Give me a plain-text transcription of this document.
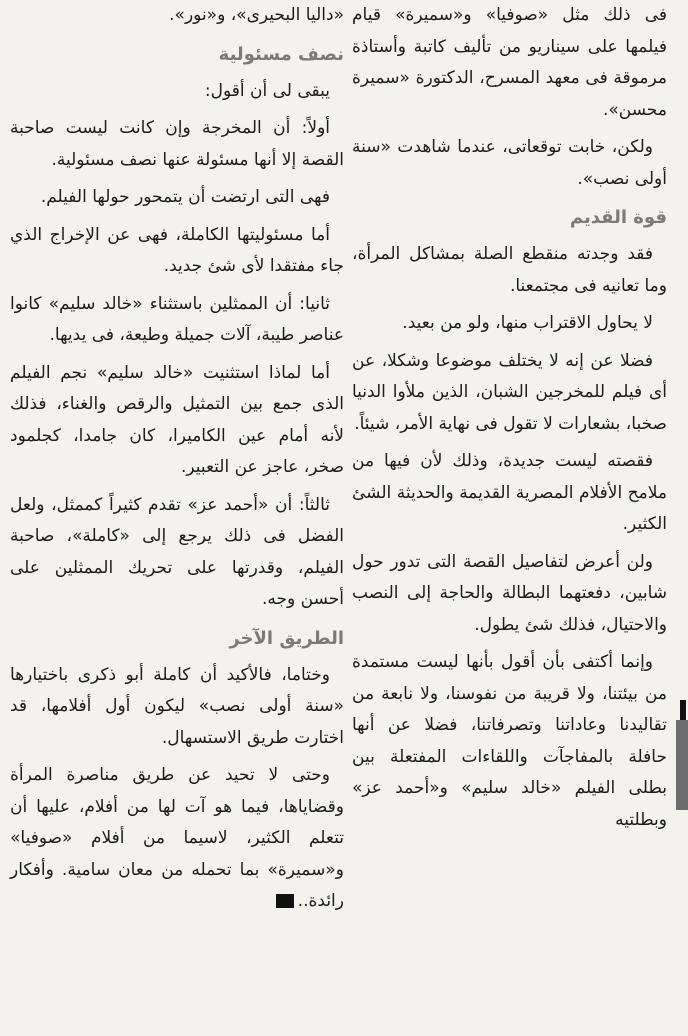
فى ذلك مثل «صوفيا» و«سميرة» قيام فيلمها على سيناريو من تأليف كاتبة وأستاذة مرموقة فى معهد المسرح، الدكتورة «سميرة محسن».

ولكن، خابت توقعاتى، عندما شاهدت «سنة أولى نصب».

قوة القديم

فقد وجدته منقطع الصلة بمشاكل المرأة، وما تعانيه فى مجتمعنا.

لا يحاول الاقتراب منها، ولو من بعيد.

فضلا عن إنه لا يختلف موضوعا وشكلا، عن أى فيلم للمخرجين الشبان، الذين ملأوا الدنيا صخبا، بشعارات لا تقول فى نهاية الأمر، شيئاً.

فقصته ليست جديدة، وذلك لأن فيها من ملامح الأفلام المصرية القديمة والحديثة الشئ الكثير.

ولن أعرض لتفاصيل القصة التى تدور حول شابين، دفعتهما البطالة والحاجة إلى النصب والاحتيال، فذلك شئ يطول.

وإنما أكتفى بأن أقول بأنها ليست مستمدة من بيئتنا، ولا قريبة من نفوسنا، ولا نابعة من تقاليدنا وعاداتنا وتصرفاتنا، فضلا عن أنها حافلة بالمفاجآت واللقاءات المفتعلة بين بطلى الفيلم «خالد سليم» و«أحمد عز» وبطلتيه

«داليا البحيرى»، و«نور».

نصف مسئولية

يبقى لى أن أقول:

أولاً: أن المخرجة وإن كانت ليست صاحبة القصة إلا أنها مسئولة عنها نصف مسئولية.

فهى التى ارتضت أن يتمحور حولها الفيلم.

أما مسئوليتها الكاملة، فهى عن الإخراج الذي جاء مفتقدا لأى شئ جديد.

ثانيا: أن الممثلين باستثناء «خالد سليم» كانوا عناصر طيبة، آلات جميلة وطيعة، فى يديها.

أما لماذا استثنيت «خالد سليم» نجم الفيلم الذى جمع بين التمثيل والرقص والغناء، فذلك لأنه أمام عين الكاميرا، كان جامدا، كجلمود صخر، عاجز عن التعبير.

ثالثاً: أن «أحمد عز» تقدم كثيراً كممثل، ولعل الفضل فى ذلك يرجع إلى «كاملة»، صاحبة الفيلم، وقدرتها على تحريك الممثلين على أحسن وجه.

الطريق الآخر

وختاما، فالأكيد أن كاملة أبو ذكرى باختيارها «سنة أولى نصب» ليكون أول أفلامها، قد اختارت طريق الاستسهال.

وحتى لا تحيد عن طريق مناصرة المرأة وقضاياها، فيما هو آت لها من أفلام، عليها أن تتعلم الكثير، لاسيما من أفلام «صوفيا» و«سميرة» بما تحمله من معان سامية. وأفكار رائدة..
